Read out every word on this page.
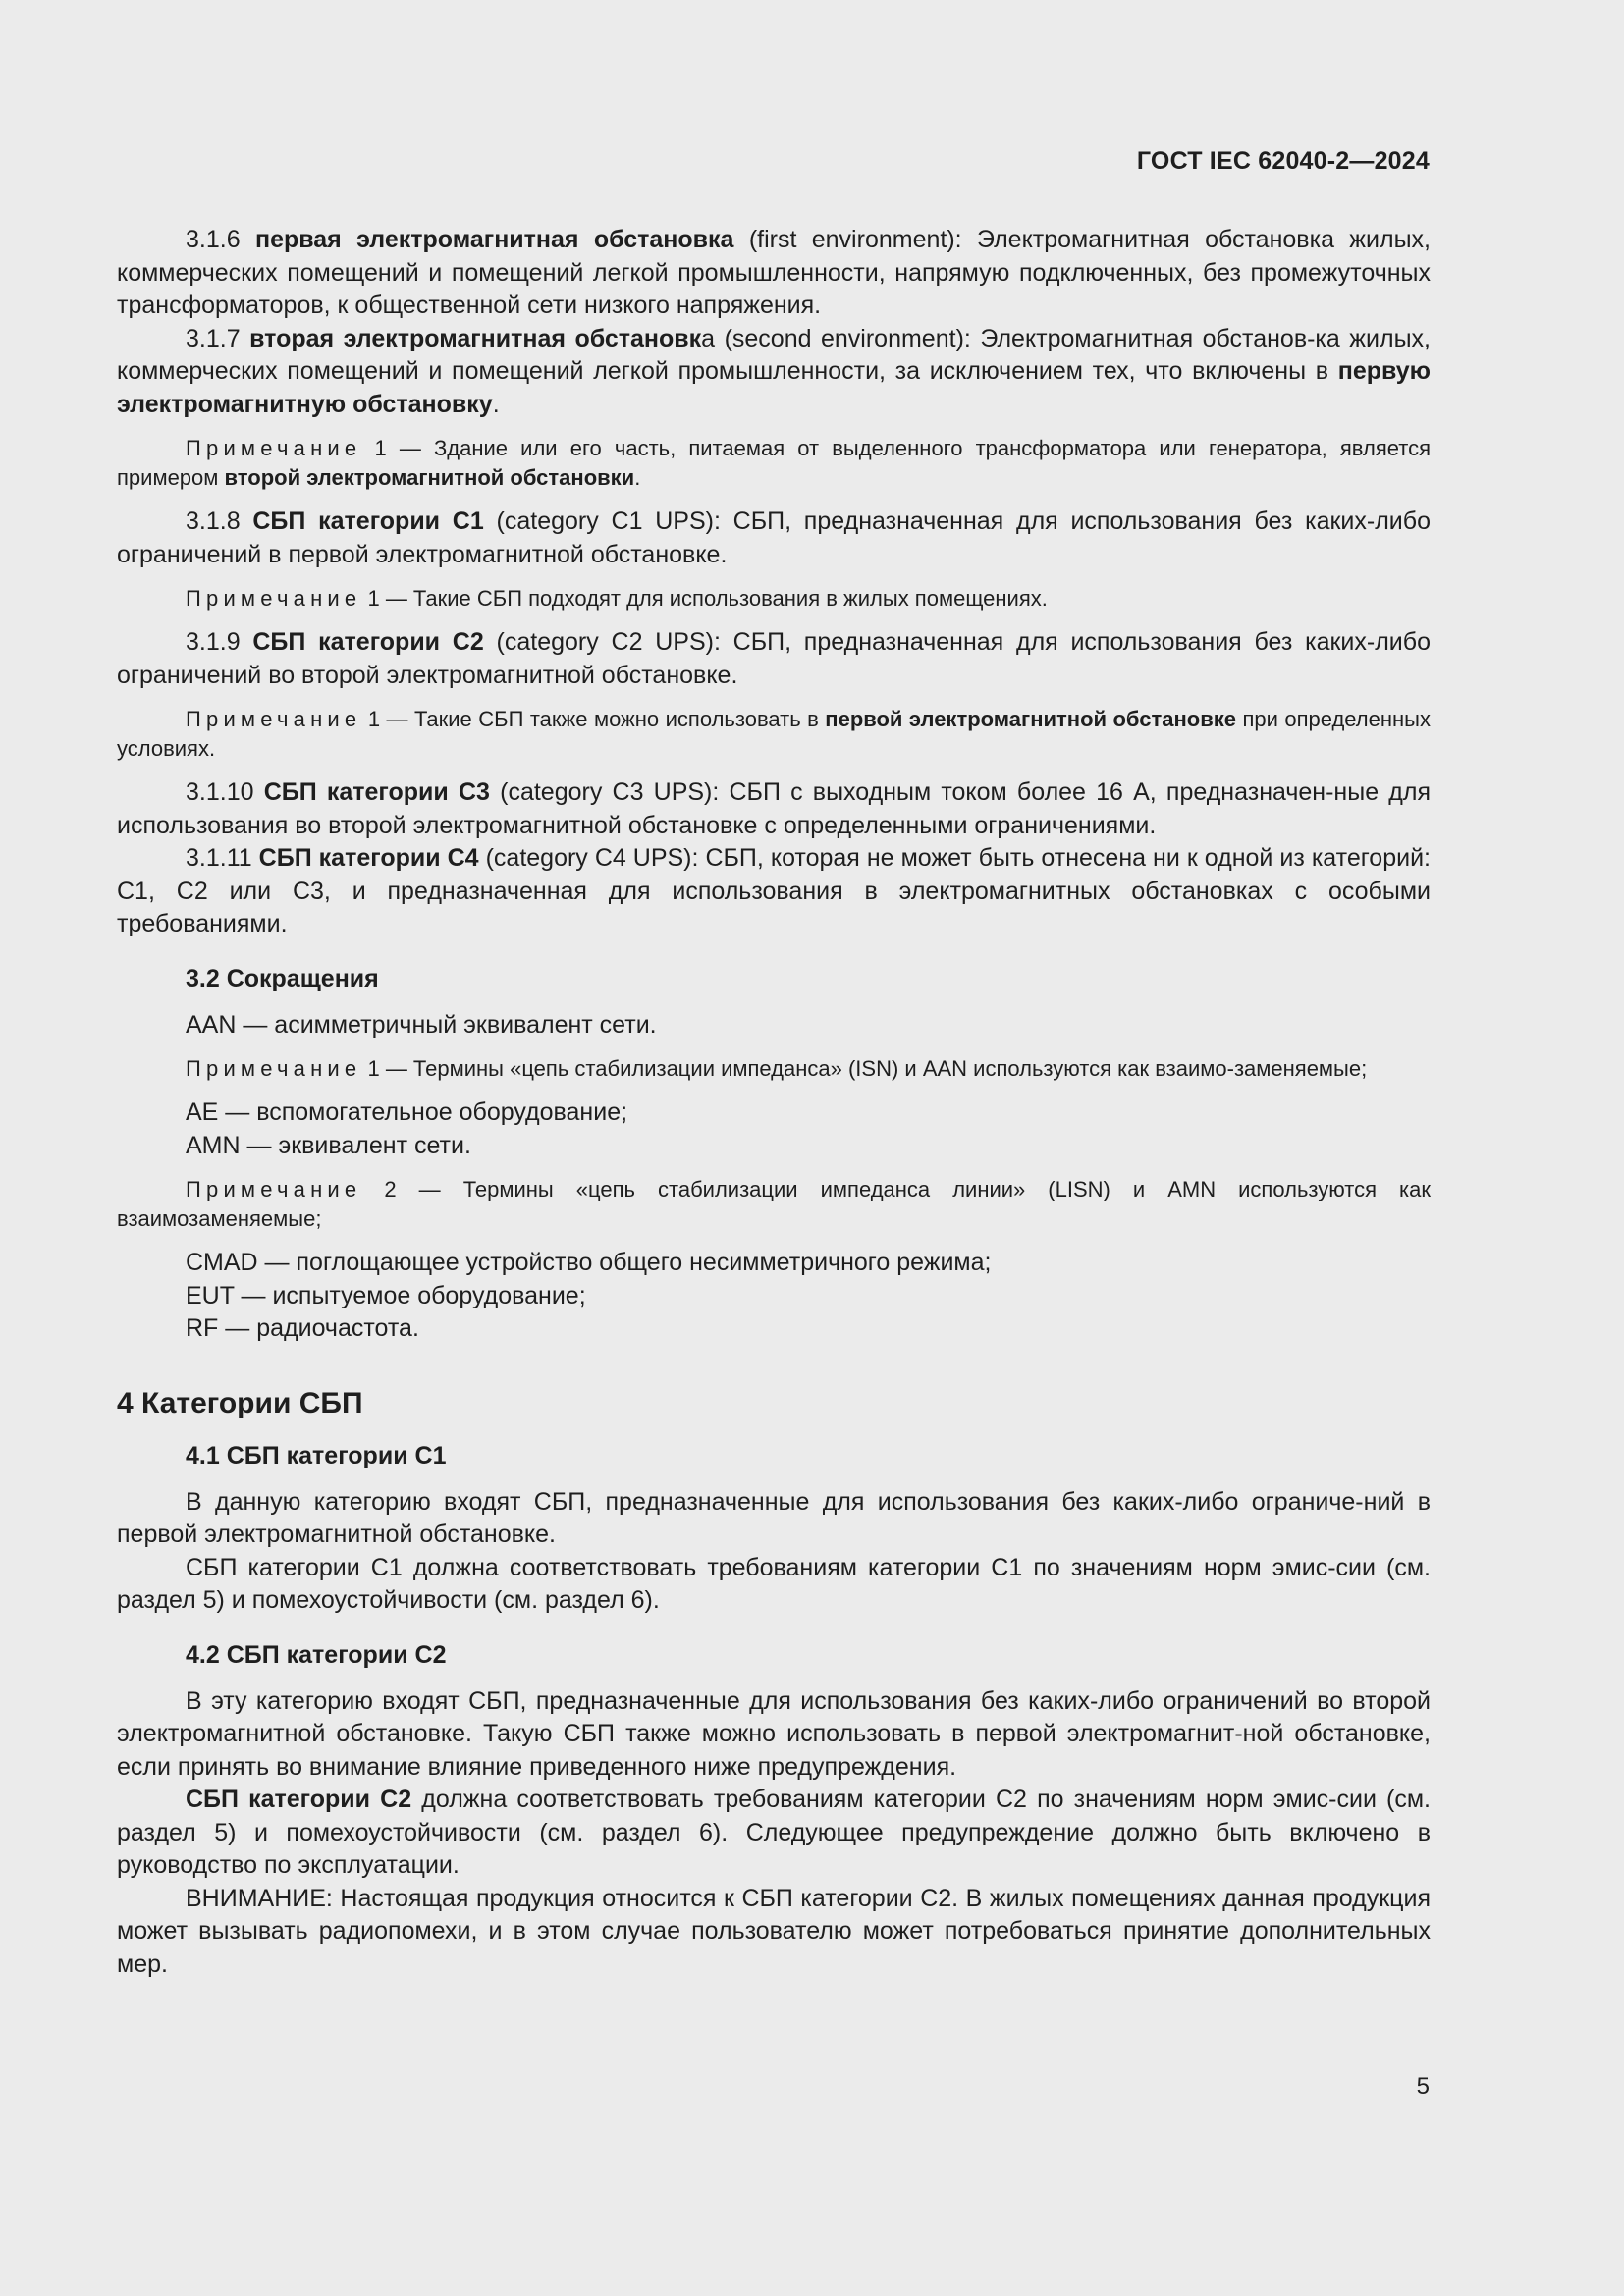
ГОСТ IEC 62040-2—2024

3.1.6 первая электромагнитная обстановка (first environment): Электромагнитная обстановка жилых, коммерческих помещений и помещений легкой промышленности, напрямую подключенных, без промежуточных трансформаторов, к общественной сети низкого напряжения.

3.1.7 вторая электромагнитная обстановка (second environment): Электромагнитная обстанов-ка жилых, коммерческих помещений и помещений легкой промышленности, за исключением тех, что включены в первую электромагнитную обстановку.

Примечание 1 — Здание или его часть, питаемая от выделенного трансформатора или генератора, является примером второй электромагнитной обстановки.

3.1.8 СБП категории С1 (category C1 UPS): СБП, предназначенная для использования без каких-либо ограничений в первой электромагнитной обстановке.

Примечание 1 — Такие СБП подходят для использования в жилых помещениях.

3.1.9 СБП категории С2 (category C2 UPS): СБП, предназначенная для использования без каких-либо ограничений во второй электромагнитной обстановке.

Примечание 1 — Такие СБП также можно использовать в первой электромагнитной обстановке при определенных условиях.

3.1.10 СБП категории С3 (category C3 UPS): СБП с выходным током более 16 А, предназначен-ные для использования во второй электромагнитной обстановке с определенными ограничениями.

3.1.11 СБП категории С4 (category C4 UPS): СБП, которая не может быть отнесена ни к одной из категорий: С1, С2 или С3, и предназначенная для использования в электромагнитных обстановках с особыми требованиями.

3.2 Сокращения

AAN — асимметричный эквивалент сети.

Примечание 1 — Термины «цепь стабилизации импеданса» (ISN) и AAN используются как взаимо-заменяемые;

AE — вспомогательное оборудование;

AMN — эквивалент сети.

Примечание 2 — Термины «цепь стабилизации импеданса линии» (LISN) и AMN используются как взаимозаменяемые;

CMAD — поглощающее устройство общего несимметричного режима;

EUT — испытуемое оборудование;

RF — радиочастота.

4 Категории СБП
4.1 СБП категории С1

В данную категорию входят СБП, предназначенные для использования без каких-либо ограниче-ний в первой электромагнитной обстановке.

СБП категории С1 должна соответствовать требованиям категории С1 по значениям норм эмис-сии (см. раздел 5) и помехоустойчивости (см. раздел 6).

4.2 СБП категории С2

В эту категорию входят СБП, предназначенные для использования без каких-либо ограничений во второй электромагнитной обстановке. Такую СБП также можно использовать в первой электромагнит-ной обстановке, если принять во внимание влияние приведенного ниже предупреждения.

СБП категории С2 должна соответствовать требованиям категории С2 по значениям норм эмис-сии (см. раздел 5) и помехоустойчивости (см. раздел 6). Следующее предупреждение должно быть включено в руководство по эксплуатации.

ВНИМАНИЕ: Настоящая продукция относится к СБП категории С2. В жилых помещениях данная продукция может вызывать радиопомехи, и в этом случае пользователю может потребоваться принятие дополнительных мер.

5
